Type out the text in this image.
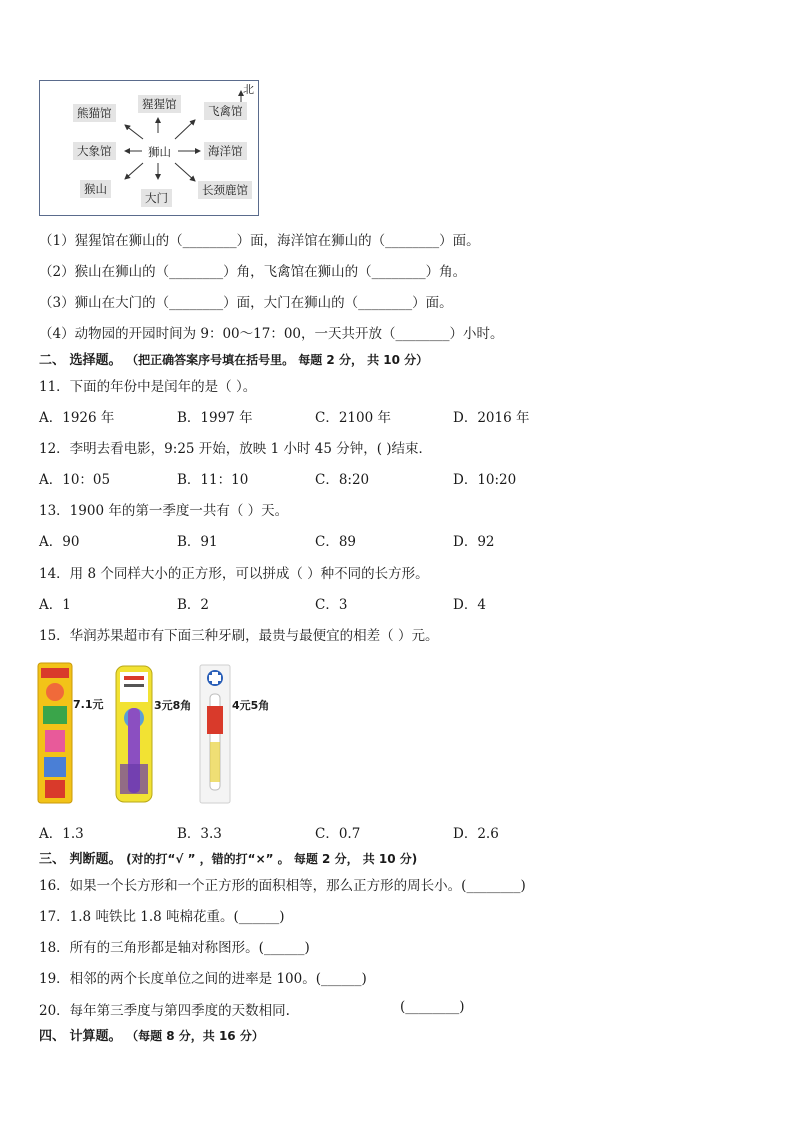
北
猩猩馆
熊猫馆	飞禽馆
大象馆	狮山	海洋馆
猴山
大门
长颈鹿馆
（1）猩猩馆在狮山的（________）面，海洋馆在狮山的（________）面。
（2）猴山在狮山的（________）角，飞禽馆在狮山的（________）角。
（3）狮山在大门的（________）面，大门在狮山的（________）面。
（4）动物园的开园时间为 9：00～17：00，一天共开放（________）小时。
二、 选择题。 （把正确答案序号填在括号里。 每题 2 分， 共 10 分）
11．下面的年份中是闰年的是（ ）。
A．1926 年	B．1997 年	C．2100 年	D．2016 年
12．李明去看电影，9:25 开始，放映 1 小时 45 分钟，( )结束．
A．10：05	B．11：10	C．8:20	D．10:20
13．1900 年的第一季度一共有（ ）天。
A．90	B．91	C．89	D．92
14．用 8 个同样大小的正方形，可以拼成（ ）种不同的长方形。
A．1	B．2	C．3	D．4
15．华润苏果超市有下面三种牙刷，最贵与最便宜的相差（ ）元。
7.1元	3元8角	4元5角
A．1.3	B．3.3	C．0.7	D．2.6
三、 判断题。 (对的打“√ ” ，错的打“×” 。 每题 2 分， 共 10 分)
16．如果一个长方形和一个正方形的面积相等，那么正方形的周长小。(________)
17．1.8 吨铁比 1.8 吨棉花重。(______)
18．所有的三角形都是轴对称图形。(______)
19．相邻的两个长度单位之间的进率是 100。(______)
20．每年第三季度与第四季度的天数相同.	(________)
四、 计算题。 （每题 8 分，共 16 分）
